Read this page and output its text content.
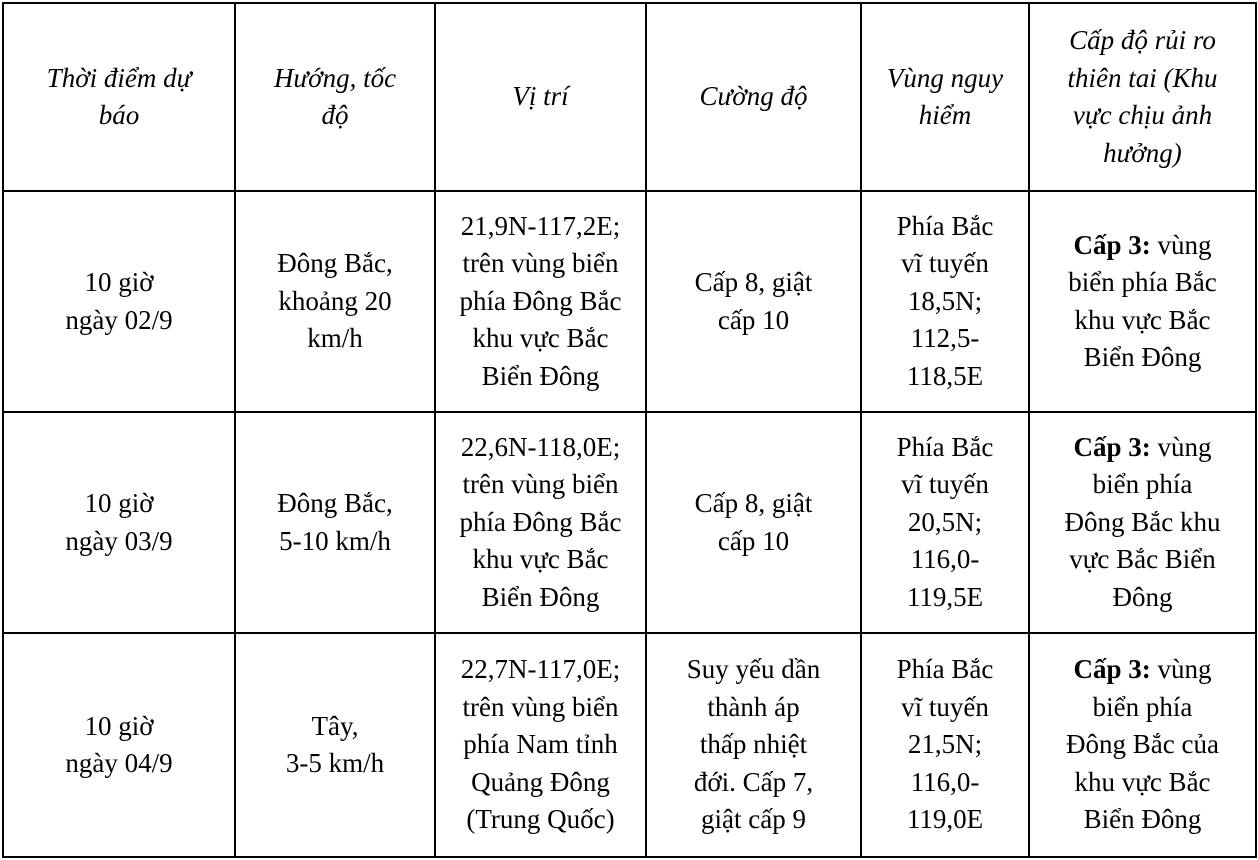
Thời điểm dự
báo	Hướng, tốc
độ	Vị trí	Cường độ	Vùng nguy
hiểm	Cấp độ rủi ro
thiên tai (Khu
vực chịu ảnh
hưởng)
10 giờ
ngày 02/9	Đông Bắc,
khoảng 20
km/h	21,9N-117,2E;
trên vùng biển
phía Đông Bắc
khu vực Bắc
Biển Đông	Cấp 8, giật
cấp 10	Phía Bắc
vĩ tuyến
18,5N;
112,5-
118,5E	Cấp 3: vùng
biển phía Bắc
khu vực Bắc
Biển Đông
10 giờ
ngày 03/9	Đông Bắc,
5-10 km/h	22,6N-118,0E;
trên vùng biển
phía Đông Bắc
khu vực Bắc
Biển Đông	Cấp 8, giật
cấp 10	Phía Bắc
vĩ tuyến
20,5N;
116,0-
119,5E	Cấp 3: vùng
biển phía
Đông Bắc khu
vực Bắc Biển
Đông
10 giờ
ngày 04/9	Tây,
3-5 km/h	22,7N-117,0E;
trên vùng biển
phía Nam tỉnh
Quảng Đông
(Trung Quốc)	Suy yếu dần
thành áp
thấp nhiệt
đới. Cấp 7,
giật cấp 9	Phía Bắc
vĩ tuyến
21,5N;
116,0-
119,0E	Cấp 3: vùng
biển phía
Đông Bắc của
khu vực Bắc
Biển Đông
